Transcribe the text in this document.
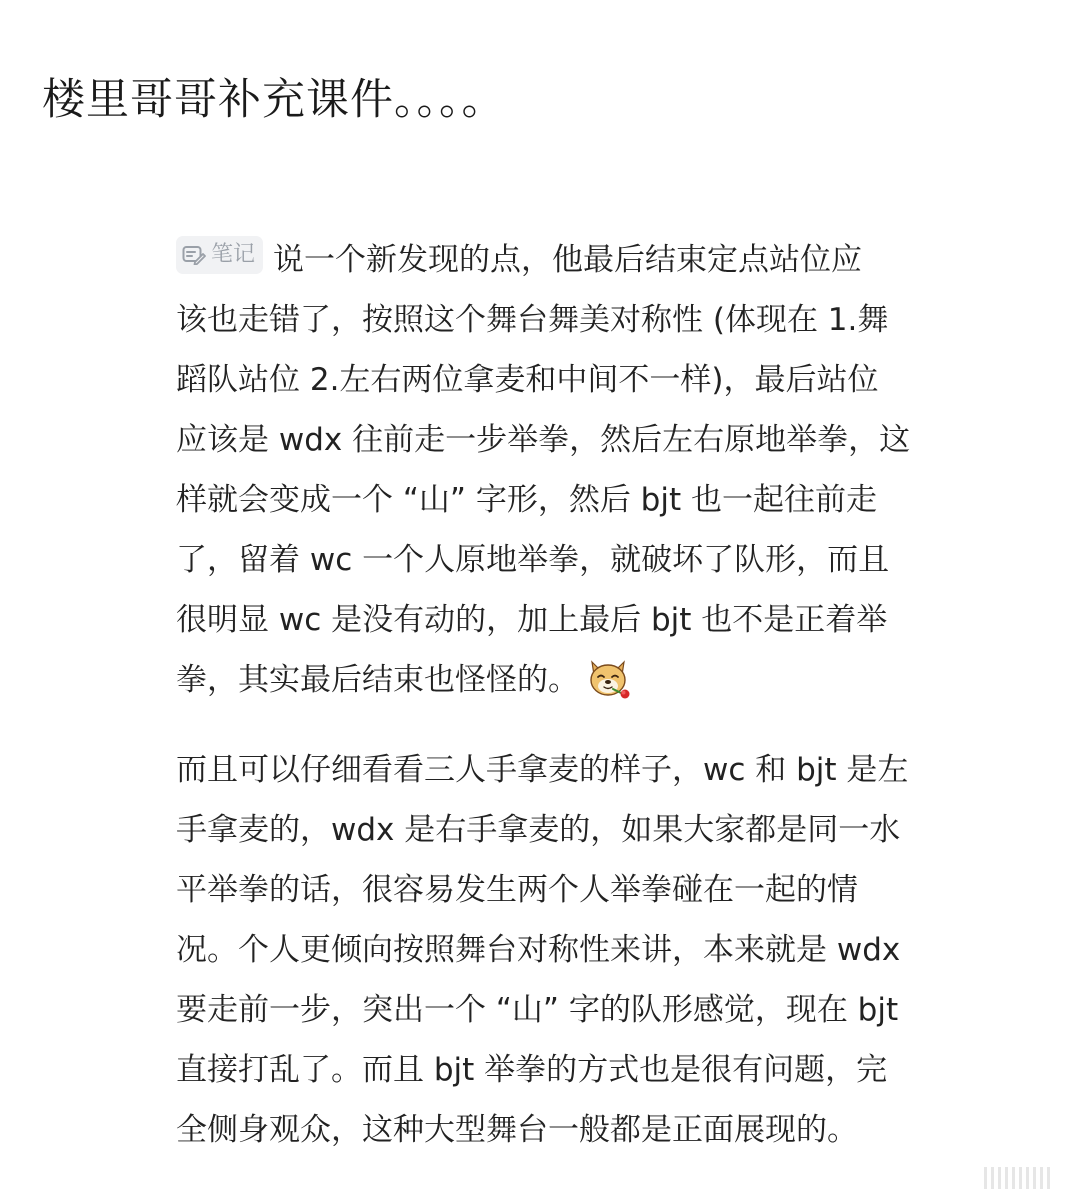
楼里哥哥补充课件。。。。

笔记 说一个新发现的点，他最后结束定点站位应
该也走错了，按照这个舞台舞美对称性 (体现在 1.舞
蹈队站位 2.左右两位拿麦和中间不一样)，最后站位
应该是 wdx 往前走一步举拳，然后左右原地举拳，这
样就会变成一个 “山” 字形，然后 bjt 也一起往前走
了，留着 wc 一个人原地举拳，就破坏了队形，而且
很明显 wc 是没有动的，加上最后 bjt 也不是正着举
拳，其实最后结束也怪怪的。

而且可以仔细看看三人手拿麦的样子，wc 和 bjt 是左
手拿麦的，wdx 是右手拿麦的，如果大家都是同一水
平举拳的话，很容易发生两个人举拳碰在一起的情
况。个人更倾向按照舞台对称性来讲，本来就是 wdx
要走前一步，突出一个 “山” 字的队形感觉，现在 bjt
直接打乱了。而且 bjt 举拳的方式也是很有问题，完
全侧身观众，这种大型舞台一般都是正面展现的。
